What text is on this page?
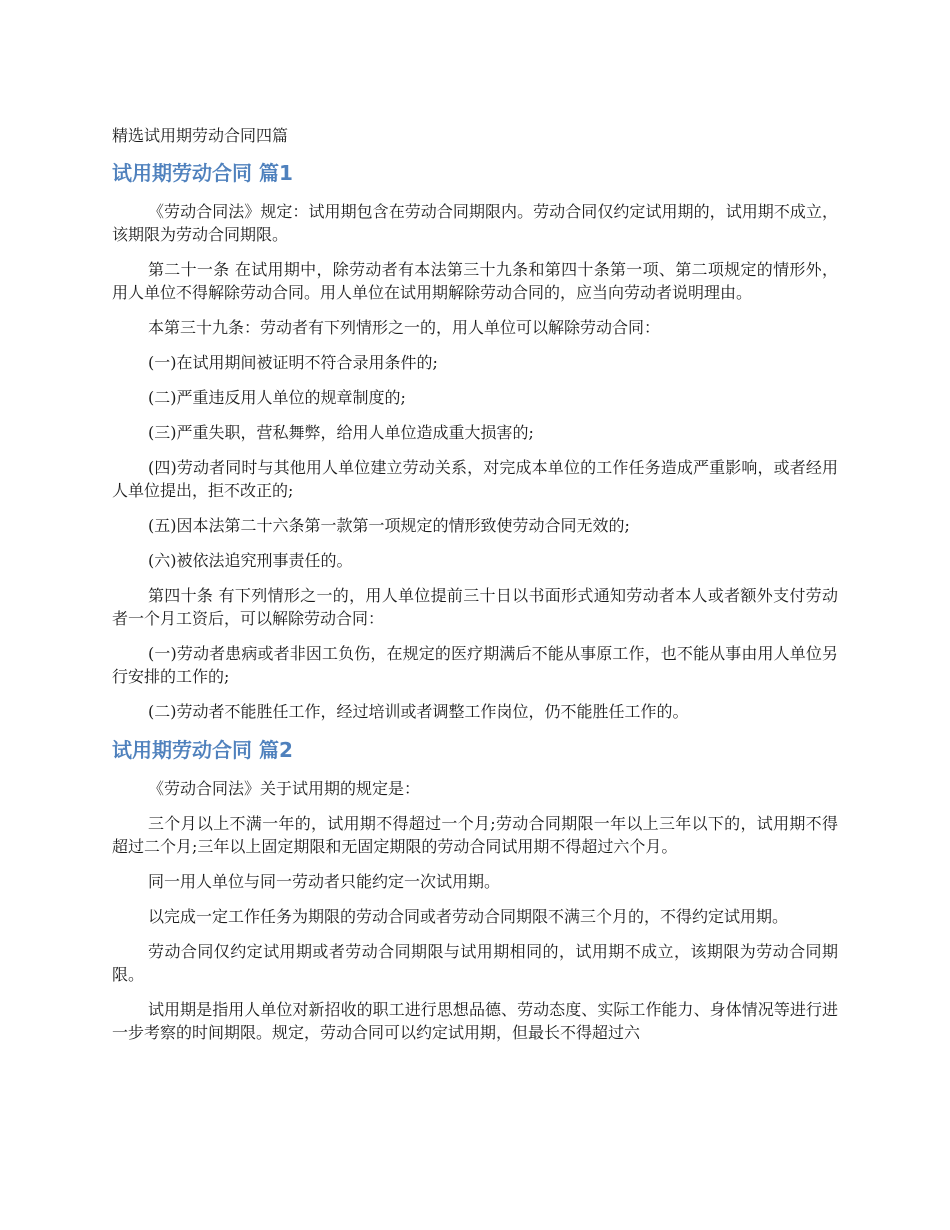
精选试用期劳动合同四篇
试用期劳动合同 篇1

《劳动合同法》规定：试用期包含在劳动合同期限内。劳动合同仅约定试用期的，试用期不成立，该期限为劳动合同期限。

第二十一条 在试用期中，除劳动者有本法第三十九条和第四十条第一项、第二项规定的情形外，用人单位不得解除劳动合同。用人单位在试用期解除劳动合同的，应当向劳动者说明理由。

本第三十九条：劳动者有下列情形之一的，用人单位可以解除劳动合同：

(一)在试用期间被证明不符合录用条件的;

(二)严重违反用人单位的规章制度的;

(三)严重失职，营私舞弊，给用人单位造成重大损害的;

(四)劳动者同时与其他用人单位建立劳动关系，对完成本单位的工作任务造成严重影响，或者经用人单位提出，拒不改正的;

(五)因本法第二十六条第一款第一项规定的情形致使劳动合同无效的;

(六)被依法追究刑事责任的。

第四十条 有下列情形之一的，用人单位提前三十日以书面形式通知劳动者本人或者额外支付劳动者一个月工资后，可以解除劳动合同：

(一)劳动者患病或者非因工负伤，在规定的医疗期满后不能从事原工作，也不能从事由用人单位另行安排的工作的;

(二)劳动者不能胜任工作，经过培训或者调整工作岗位，仍不能胜任工作的。

试用期劳动合同 篇2

《劳动合同法》关于试用期的规定是：

三个月以上不满一年的，试用期不得超过一个月;劳动合同期限一年以上三年以下的，试用期不得超过二个月;三年以上固定期限和无固定期限的劳动合同试用期不得超过六个月。

同一用人单位与同一劳动者只能约定一次试用期。

以完成一定工作任务为期限的劳动合同或者劳动合同期限不满三个月的，不得约定试用期。

劳动合同仅约定试用期或者劳动合同期限与试用期相同的，试用期不成立，该期限为劳动合同期限。

试用期是指用人单位对新招收的职工进行思想品德、劳动态度、实际工作能力、身体情况等进行进一步考察的时间期限。规定，劳动合同可以约定试用期，但最长不得超过六
